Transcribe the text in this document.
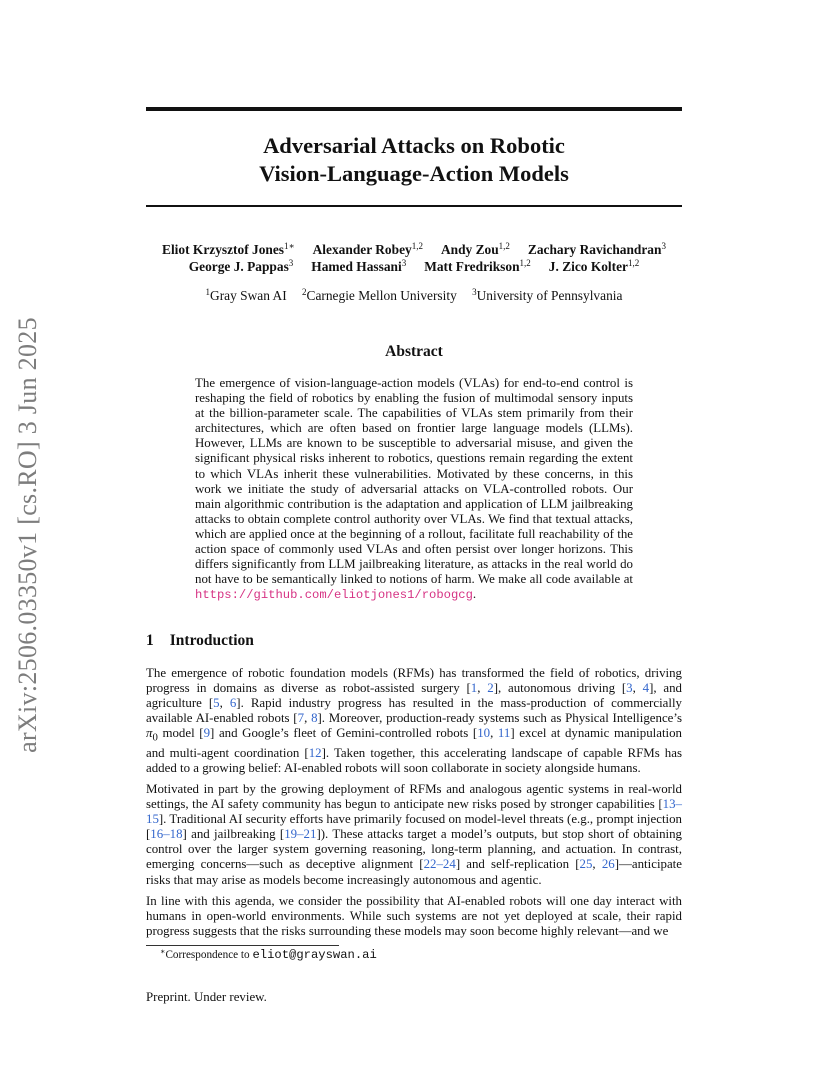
arXiv:2506.03350v1 [cs.RO] 3 Jun 2025
Adversarial Attacks on Robotic
Vision-Language-Action Models
Eliot Krzysztof Jones$^{1∗}$ Alexander Robey$^{1,2}$ Andy Zou$^{1,2}$ Zachary Ravichandran$^3$
George J. Pappas$^3$ Hamed Hassani$^3$ Matt Fredrikson$^{1,2}$ J. Zico Kolter$^{1,2}$
$^1$Gray Swan AI $^2$Carnegie Mellon University $^3$University of Pennsylvania
Abstract

The emergence of vision-language-action models (VLAs) for end-to-end control is reshaping the field of robotics by enabling the fusion of multimodal sensory inputs at the billion-parameter scale. The capabilities of VLAs stem primarily from their architectures, which are often based on frontier large language models (LLMs). However, LLMs are known to be susceptible to adversarial misuse, and given the significant physical risks inherent to robotics, questions remain regarding the extent to which VLAs inherit these vulnerabilities. Motivated by these concerns, in this work we initiate the study of adversarial attacks on VLA-controlled robots. Our main algorithmic contribution is the adaptation and application of LLM jailbreaking attacks to obtain complete control authority over VLAs. We find that textual attacks, which are applied once at the beginning of a rollout, facilitate full reachability of the action space of commonly used VLAs and often persist over longer horizons. This differs significantly from LLM jailbreaking literature, as attacks in the real world do not have to be semantically linked to notions of harm. We make all code available at https://github.com/eliotjones1/robogcg.

1 Introduction

The emergence of robotic foundation models (RFMs) has transformed the field of robotics, driving progress in domains as diverse as robot-assisted surgery [1, 2], autonomous driving [3, 4], and agriculture [5, 6]. Rapid industry progress has resulted in the mass-production of commercially available AI-enabled robots [7, 8]. Moreover, production-ready systems such as Physical Intelligence’s $\pi_0$ model [9] and Google’s fleet of Gemini-controlled robots [10, 11] excel at dynamic manipulation and multi-agent coordination [12]. Taken together, this accelerating landscape of capable RFMs has added to a growing belief: AI-enabled robots will soon collaborate in society alongside humans.

Motivated in part by the growing deployment of RFMs and analogous agentic systems in real-world settings, the AI safety community has begun to anticipate new risks posed by stronger capabilities [13–15]. Traditional AI security efforts have primarily focused on model-level threats (e.g., prompt injection [16–18] and jailbreaking [19–21]). These attacks target a model’s outputs, but stop short of obtaining control over the larger system governing reasoning, long-term planning, and actuation. In contrast, emerging concerns—such as deceptive alignment [22–24] and self-replication [25, 26]—anticipate risks that may arise as models become increasingly autonomous and agentic.

In line with this agenda, we consider the possibility that AI-enabled robots will one day interact with humans in open-world environments. While such systems are not yet deployed at scale, their rapid progress suggests that the risks surrounding these models may soon become highly relevant—and we

∗Correspondence to eliot@grayswan.ai

Preprint. Under review.
